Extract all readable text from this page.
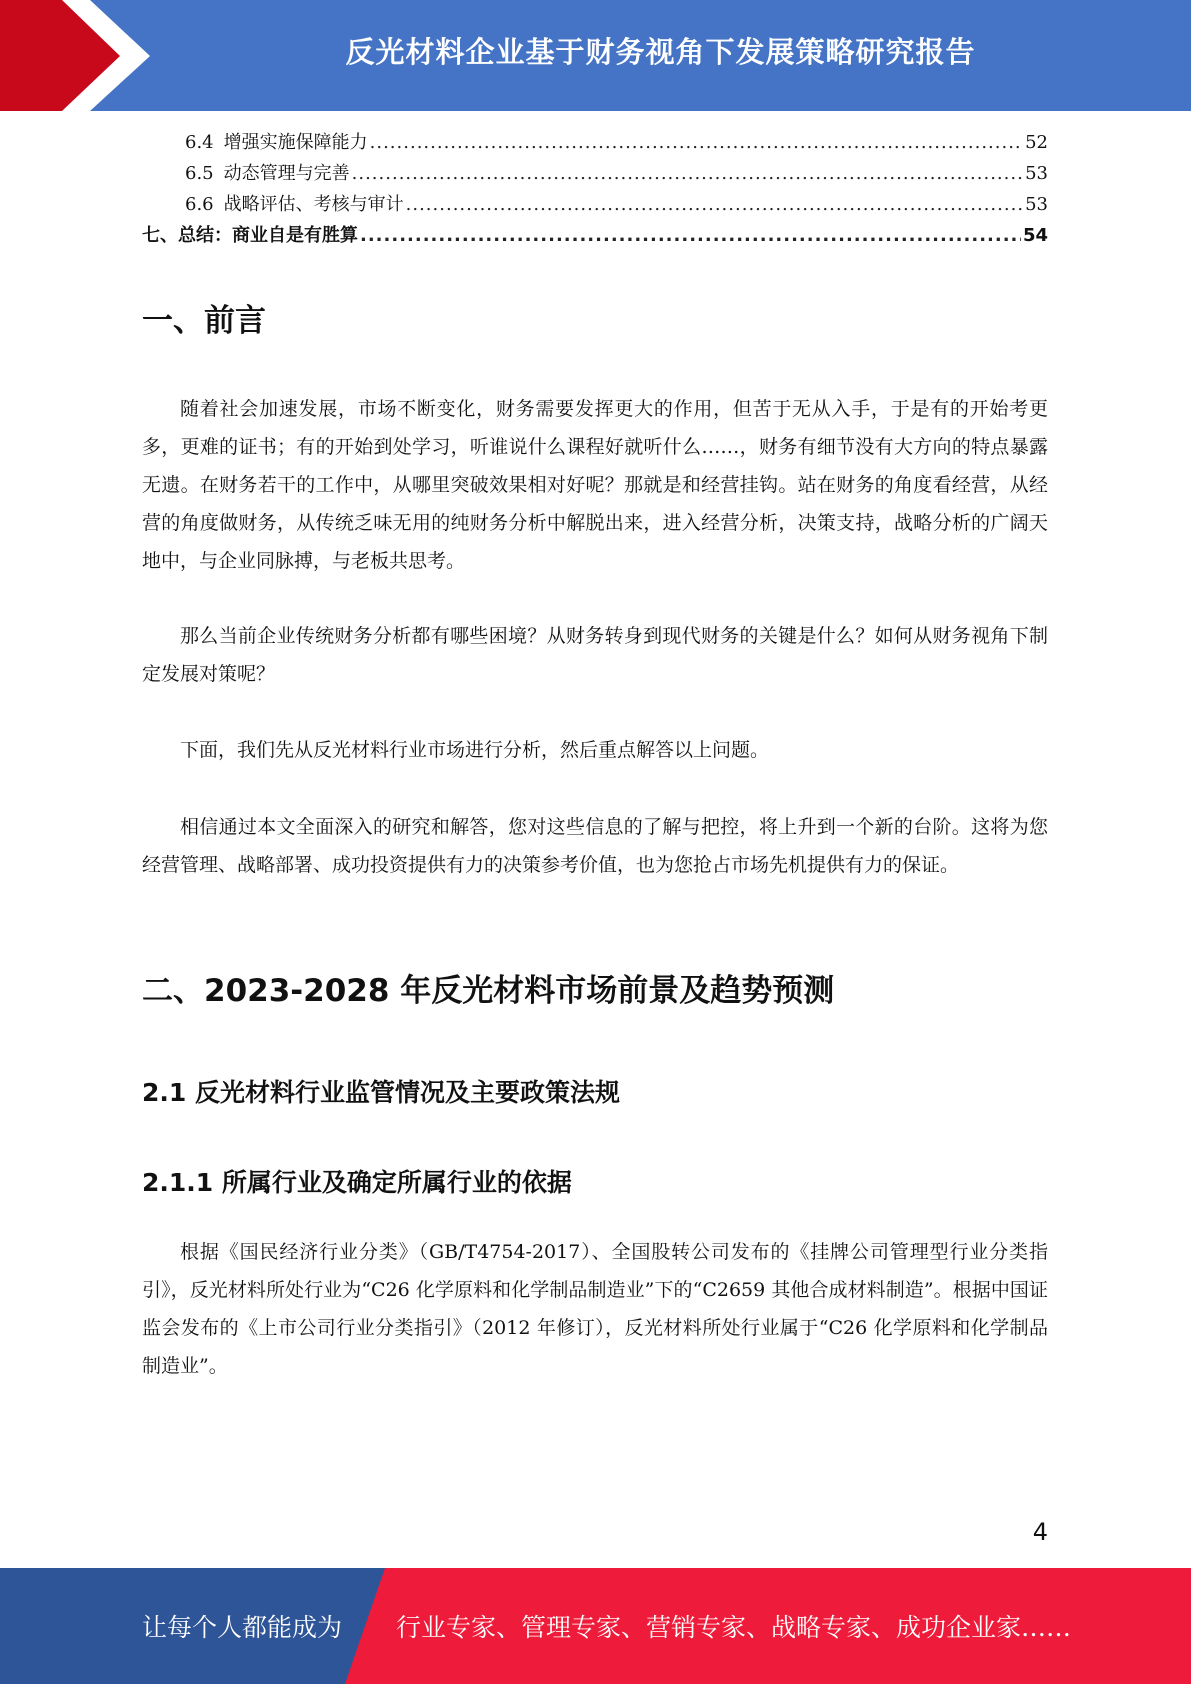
反光材料企业基于财务视角下发展策略研究报告
6.4 增强实施保障能力 .....	52
6.5 动态管理与完善 .....	53
6.6 战略评估、考核与审计 .....	53
七、总结：商业自是有胜算 .....	54
一、前言

随着社会加速发展，市场不断变化，财务需要发挥更大的作用，但苦于无从入手，于是有的开始考更多，更难的证书；有的开始到处学习，听谁说什么课程好就听什么……，财务有细节没有大方向的特点暴露无遗。在财务若干的工作中，从哪里突破效果相对好呢？那就是和经营挂钩。站在财务的角度看经营，从经营的角度做财务，从传统乏味无用的纯财务分析中解脱出来，进入经营分析，决策支持，战略分析的广阔天地中，与企业同脉搏，与老板共思考。

那么当前企业传统财务分析都有哪些困境？从财务转身到现代财务的关键是什么？如何从财务视角下制定发展对策呢？

下面，我们先从反光材料行业市场进行分析，然后重点解答以上问题。

相信通过本文全面深入的研究和解答，您对这些信息的了解与把控，将上升到一个新的台阶。这将为您经营管理、战略部署、成功投资提供有力的决策参考价值，也为您抢占市场先机提供有力的保证。

二、2023-2028 年反光材料市场前景及趋势预测
2.1 反光材料行业监管情况及主要政策法规
2.1.1 所属行业及确定所属行业的依据

根据《国民经济行业分类》（GB/T4754-2017）、全国股转公司发布的《挂牌公司管理型行业分类指引》，反光材料所处行业为“C26 化学原料和化学制品制造业”下的“C2659 其他合成材料制造”。根据中国证监会发布的《上市公司行业分类指引》（2012 年修订），反光材料所处行业属于“C26 化学原料和化学制品制造业”。

4
让每个人都能成为 行业专家、管理专家、营销专家、战略专家、成功企业家……
